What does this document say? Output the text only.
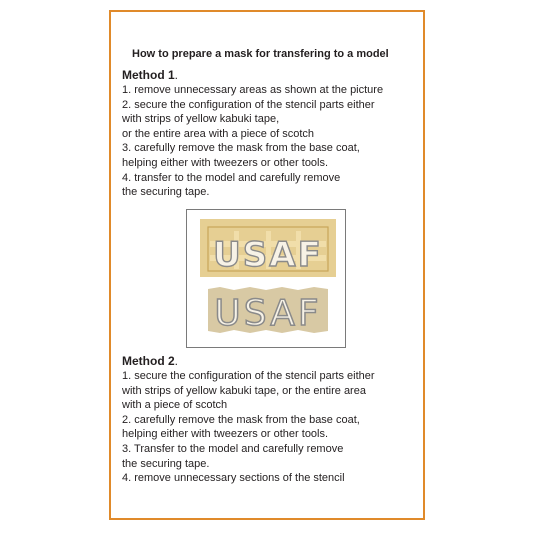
How to prepare a mask for transfering to a model
Method 1.
1. remove unnecessary areas as shown at the picture
2. secure the configuration of the stencil parts either
with strips of yellow kabuki tape,
or the entire area with a piece of scotch
3. carefully remove the mask from the base coat,
helping either with tweezers or other tools.
4. transfer to the model and carefully remove
the securing tape.
USAF
USAF
Method 2.
1. secure the configuration of the stencil parts either
with strips of yellow kabuki tape, or the entire area
with a piece of scotch
2. carefully remove the mask from the base coat,
helping either with tweezers or other tools.
3. Transfer to the model and carefully remove
the securing tape.
4. remove unnecessary sections of the stencil
